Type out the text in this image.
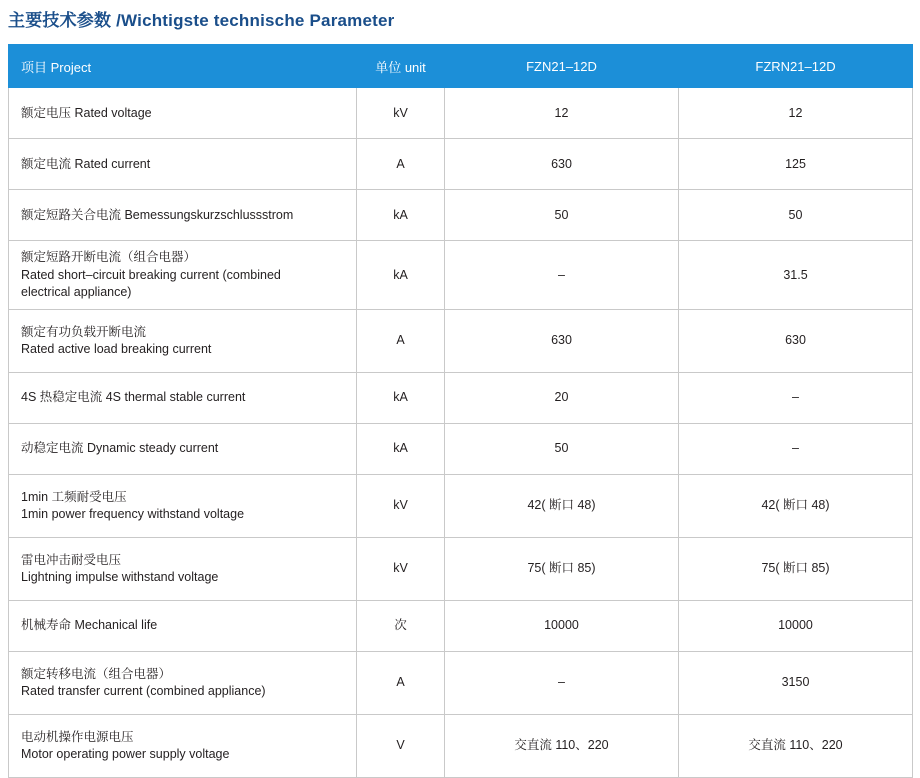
主要技术参数 /Wichtigste technische Parameter
项目 Project	单位 unit	FZN21–12D	FZRN21–12D

额定电压 Rated voltage	kV	12	12

额定电流 Rated current	A	630	125

额定短路关合电流 Bemessungskurzschlussstrom	kA	50	50

额定短路开断电流（组合电器）
Rated short–circuit breaking current (combined
electrical appliance)	kA	–	31.5

额定有功负载开断电流
Rated active load breaking current	A	630	630

4S 热稳定电流 4S thermal stable current	kA	20	–

动稳定电流 Dynamic steady current	kA	50	–

1min 工频耐受电压
1min power frequency withstand voltage	kV	42( 断口 48)	42( 断口 48)

雷电冲击耐受电压
Lightning impulse withstand voltage	kV	75( 断口 85)	75( 断口 85)

机械寿命 Mechanical life	次	10000	10000

额定转移电流（组合电器）
Rated transfer current (combined appliance)	A	–	3150

电动机操作电源电压
Motor operating power supply voltage	V	交直流 110、220	交直流 110、220
